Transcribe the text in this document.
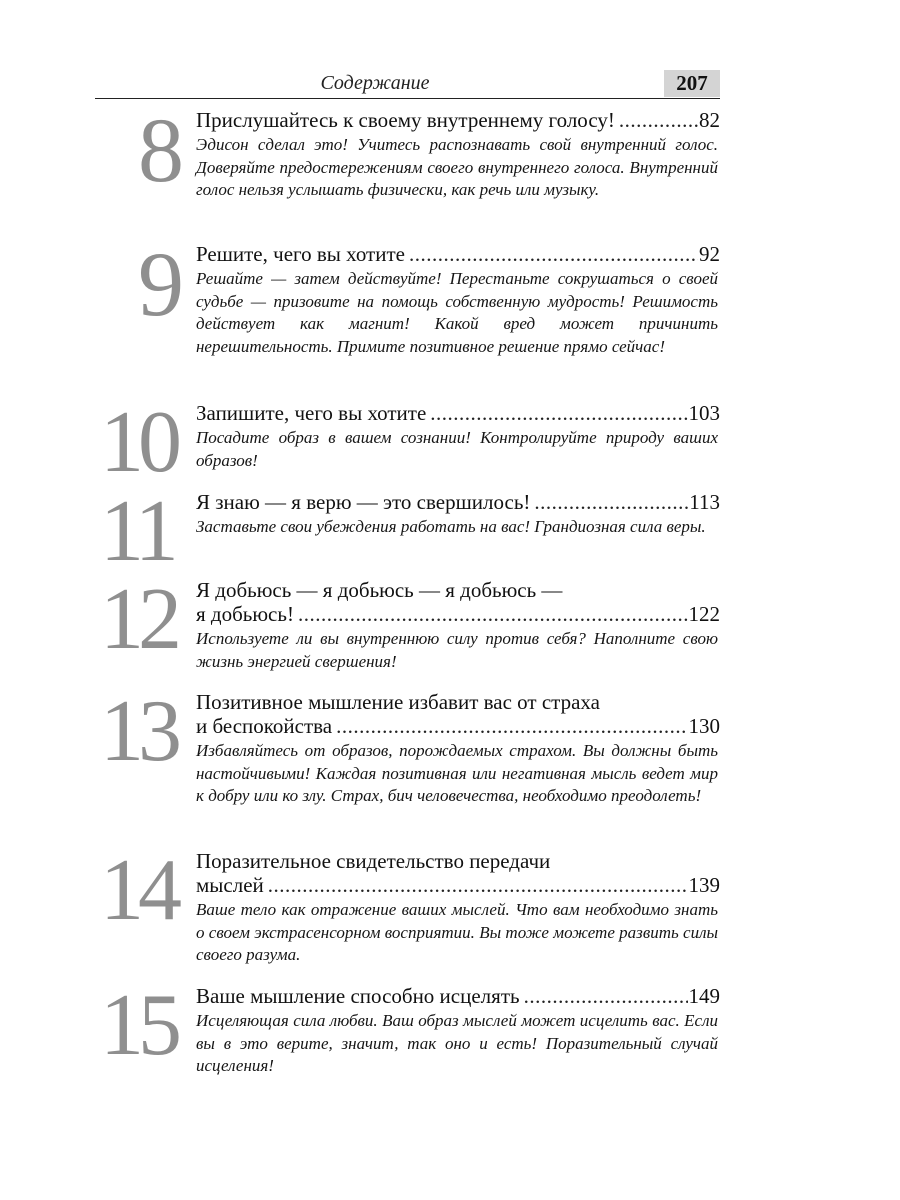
Содержание	207
8 Прислушайтесь к своему внутреннему голосу! .....	82
Эдисон сделал это! Учитесь распознавать свой внутренний голос. Доверяйте предостережениям своего внутреннего голоса. Внутренний голос нельзя услышать физически, как речь или музыку.
9 Решите, чего вы хотите .....	92
Решайте — затем действуйте! Перестаньте сокрушаться о своей судьбе — призовите на помощь собственную мудрость! Решимость действует как магнит! Какой вред может причинить нерешительность. Примите позитивное решение прямо сейчас!
10 Запишите, чего вы хотите .....	103
Посадите образ в вашем сознании! Контролируйте природу ваших образов!
11	Я знаю — я верю — это свершилось! .....	113
Заставьте свои убеждения работать на вас! Грандиозная сила веры.
12 Я добьюсь — я добьюсь — я добьюсь —
я добьюсь! .....	122
Используете ли вы внутреннюю силу против себя? Наполните свою жизнь энергией свершения!
13 Позитивное мышление избавит вас от страха
и беспокойства .....	130
Избавляйтесь от образов, порождаемых страхом. Вы должны быть настойчивыми! Каждая позитивная или негативная мысль ведет мир к добру или ко злу. Страх, бич человечества, необходимо преодолеть!
14 Поразительное свидетельство передачи
мыслей .....	139
Ваше тело как отражение ваших мыслей. Что вам необходимо знать о своем экстрасенсорном восприятии. Вы тоже можете развить силы своего разума.
15 Ваше мышление способно исцелять .....	149
Исцеляющая сила любви. Ваш образ мыслей может исцелить вас. Если вы в это верите, значит, так оно и есть! Поразительный случай исцеления!
